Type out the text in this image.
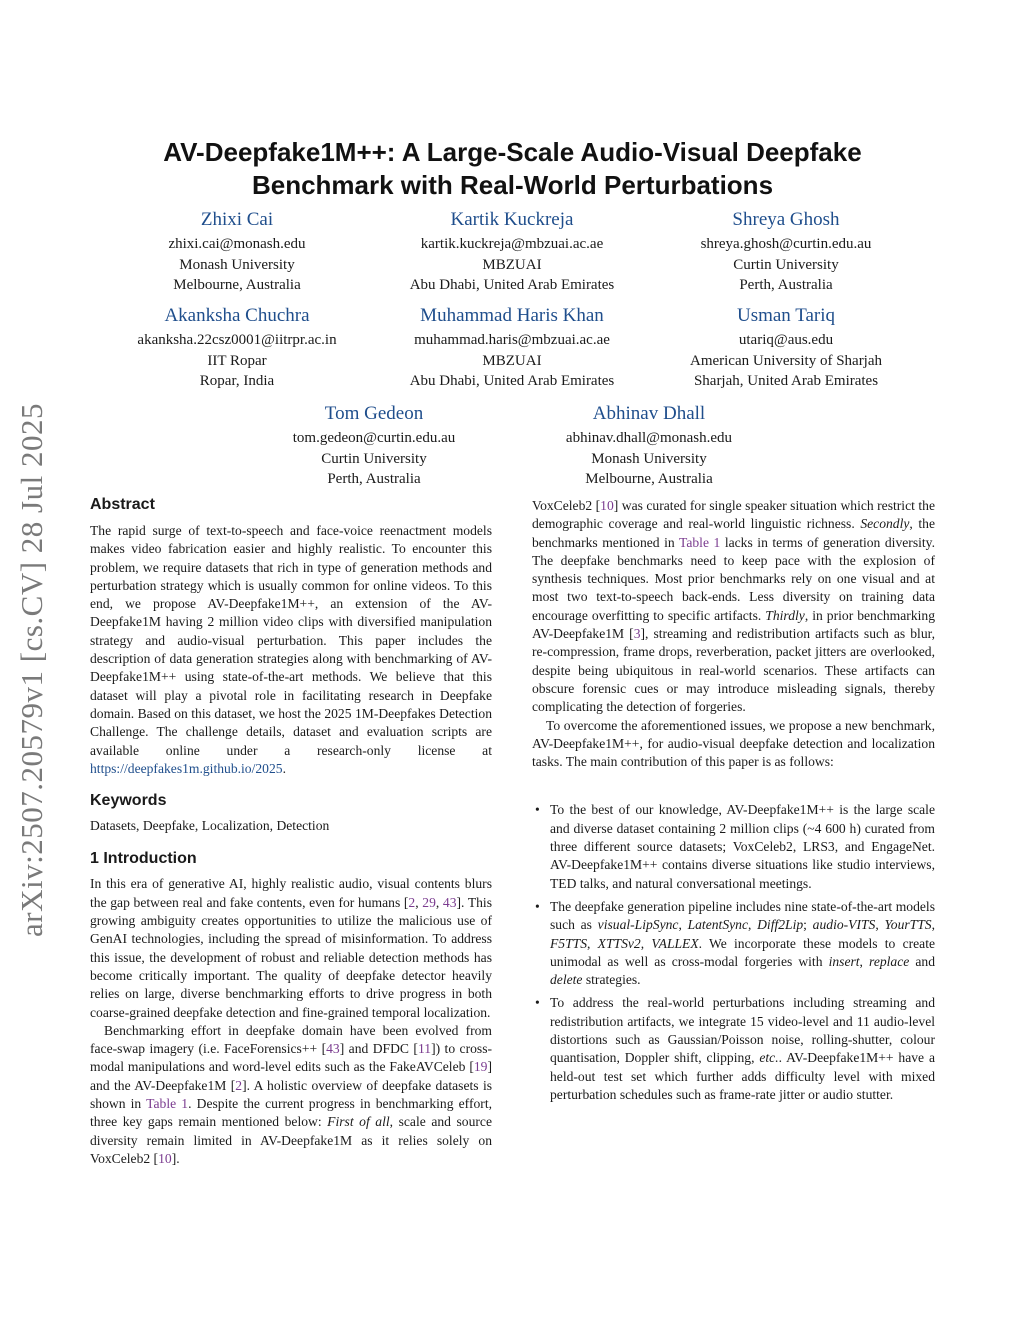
arXiv:2507.20579v1 [cs.CV] 28 Jul 2025
AV-Deepfake1M++: A Large-Scale Audio-Visual Deepfake
Benchmark with Real-World Perturbations
Zhixi Cai
zhixi.cai@monash.edu
Monash University
Melbourne, Australia
Kartik Kuckreja
kartik.kuckreja@mbzuai.ac.ae
MBZUAI
Abu Dhabi, United Arab Emirates
Shreya Ghosh
shreya.ghosh@curtin.edu.au
Curtin University
Perth, Australia
Akanksha Chuchra
akanksha.22csz0001@iitrpr.ac.in
IIT Ropar
Ropar, India
Muhammad Haris Khan
muhammad.haris@mbzuai.ac.ae
MBZUAI
Abu Dhabi, United Arab Emirates
Usman Tariq
utariq@aus.edu
American University of Sharjah
Sharjah, United Arab Emirates
Tom Gedeon
tom.gedeon@curtin.edu.au
Curtin University
Perth, Australia
Abhinav Dhall
abhinav.dhall@monash.edu
Monash University
Melbourne, Australia
Abstract

The rapid surge of text-to-speech and face-voice reenactment models makes video fabrication easier and highly realistic. To encounter this problem, we require datasets that rich in type of generation methods and perturbation strategy which is usually common for online videos. To this end, we propose AV-Deepfake1M++, an extension of the AV-Deepfake1M having 2 million video clips with diversified manipulation strategy and audio-visual perturbation. This paper includes the description of data generation strategies along with benchmarking of AV-Deepfake1M++ using state-of-the-art methods. We believe that this dataset will play a pivotal role in facilitating research in Deepfake domain. Based on this dataset, we host the 2025 1M-Deepfakes Detection Challenge. The challenge details, dataset and evaluation scripts are available online under a research-only license at https://deepfakes1m.github.io/2025.

Keywords

Datasets, Deepfake, Localization, Detection

1 Introduction

In this era of generative AI, highly realistic audio, visual contents blurs the gap between real and fake contents, even for humans [2, 29, 43]. This growing ambiguity creates opportunities to utilize the malicious use of GenAI technologies, including the spread of misinformation. To address this issue, the development of robust and reliable detection methods has become critically important. The quality of deepfake detector heavily relies on large, diverse benchmarking efforts to drive progress in both coarse-grained deepfake detection and fine-grained temporal localization.

Benchmarking effort in deepfake domain have been evolved from face-swap imagery (i.e. FaceForensics++ [43] and DFDC [11]) to cross-modal manipulations and word-level edits such as the FakeAVCeleb [19] and the AV-Deepfake1M [2]. A holistic overview of deepfake datasets is shown in Table 1. Despite the current progress in benchmarking effort, three key gaps remain mentioned below: First of all, scale and source diversity remain limited in AV-Deepfake1M as it relies solely on VoxCeleb2 [10].

VoxCeleb2 [10] was curated for single speaker situation which restrict the demographic coverage and real-world linguistic richness. Secondly, the benchmarks mentioned in Table 1 lacks in terms of generation diversity. The deepfake benchmarks need to keep pace with the explosion of synthesis techniques. Most prior benchmarks rely on one visual and at most two text-to-speech back-ends. Less diversity on training data encourage overfitting to specific artifacts. Thirdly, in prior benchmarking AV-Deepfake1M [3], streaming and redistribution artifacts such as blur, re-compression, frame drops, reverberation, packet jitters are overlooked, despite being ubiquitous in real-world scenarios. These artifacts can obscure forensic cues or may introduce misleading signals, thereby complicating the detection of forgeries.

To overcome the aforementioned issues, we propose a new benchmark, AV-Deepfake1M++, for audio-visual deepfake detection and localization tasks. The main contribution of this paper is as follows:

• To the best of our knowledge, AV-Deepfake1M++ is the large scale and diverse dataset containing 2 million clips (~4 600 h) curated from three different source datasets; VoxCeleb2, LRS3, and EngageNet. AV-Deepfake1M++ contains diverse situations like studio interviews, TED talks, and natural conversational meetings.
• The deepfake generation pipeline includes nine state-of-the-art models such as visual-LipSync, LatentSync, Diff2Lip; audio-VITS, YourTTS, F5TTS, XTTSv2, VALLEX. We incorporate these models to create unimodal as well as cross-modal forgeries with insert, replace and delete strategies.
• To address the real-world perturbations including streaming and redistribution artifacts, we integrate 15 video-level and 11 audio-level distortions such as Gaussian/Poisson noise, rolling-shutter, colour quantisation, Doppler shift, clipping, etc.. AV-Deepfake1M++ have a held-out test set which further adds difficulty level with mixed perturbation schedules such as frame-rate jitter or audio stutter.
